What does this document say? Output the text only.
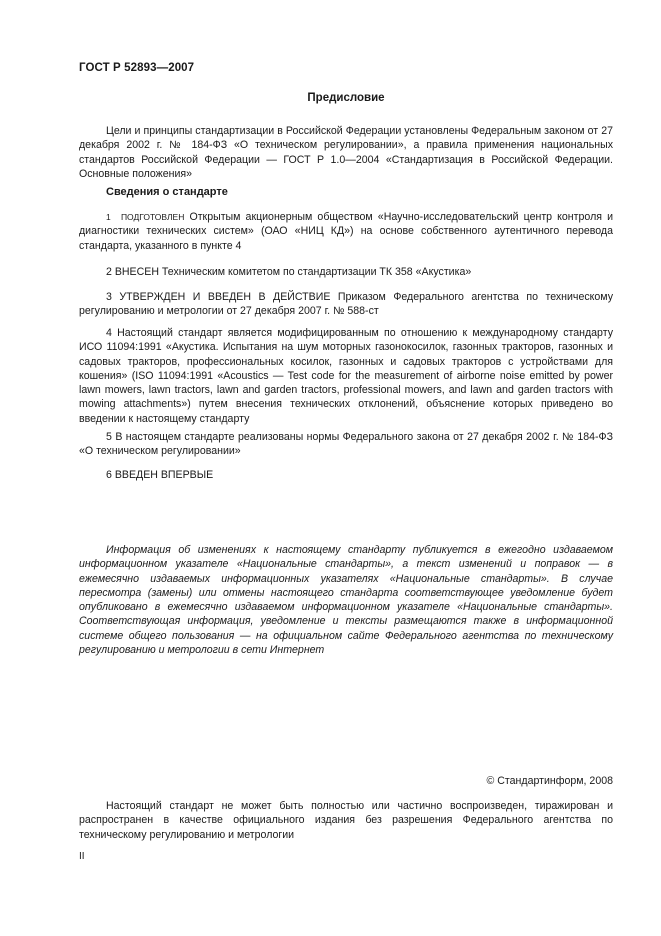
ГОСТ Р 52893—2007
Предисловие

Цели и принципы стандартизации в Российской Федерации установлены Федеральным законом от 27 декабря 2002 г. № 184-ФЗ «О техническом регулировании», а правила применения национальных стандартов Российской Федерации — ГОСТ Р 1.0—2004 «Стандартизация в Российской Федерации. Основные положения»

Сведения о стандарте

1 ПОДГОТОВЛЕН Открытым акционерным обществом «Научно-исследовательский центр контроля и диагностики технических систем» (ОАО «НИЦ КД») на основе собственного аутентичного перевода стандарта, указанного в пункте 4

2 ВНЕСЕН Техническим комитетом по стандартизации ТК 358 «Акустика»

3 УТВЕРЖДЕН И ВВЕДЕН В ДЕЙСТВИЕ Приказом Федерального агентства по техническому регулированию и метрологии от 27 декабря 2007 г. № 588-ст

4 Настоящий стандарт является модифицированным по отношению к международному стандарту ИСО 11094:1991 «Акустика. Испытания на шум моторных газонокосилок, газонных тракторов, газонных и садовых тракторов, профессиональных косилок, газонных и садовых тракторов с устройствами для кошения» (ISO 11094:1991 «Acoustics — Test code for the measurement of airborne noise emitted by power lawn mowers, lawn tractors, lawn and garden tractors, professional mowers, and lawn and garden tractors with mowing attachments») путем внесения технических отклонений, объяснение которых приведено во введении к настоящему стандарту

5 В настоящем стандарте реализованы нормы Федерального закона от 27 декабря 2002 г. № 184-ФЗ «О техническом регулировании»

6 ВВЕДЕН ВПЕРВЫЕ

Информация об изменениях к настоящему стандарту публикуется в ежегодно издаваемом информационном указателе «Национальные стандарты», а текст изменений и поправок — в ежемесячно издаваемых информационных указателях «Национальные стандарты». В случае пересмотра (замены) или отмены настоящего стандарта соответствующее уведомление будет опубликовано в ежемесячно издаваемом информационном указателе «Национальные стандарты». Соответствующая информация, уведомление и тексты размещаются также в информационной системе общего пользования — на официальном сайте Федерального агентства по техническому регулированию и метрологии в сети Интернет

© Стандартинформ, 2008

Настоящий стандарт не может быть полностью или частично воспроизведен, тиражирован и распространен в качестве официального издания без разрешения Федерального агентства по техническому регулированию и метрологии

II
